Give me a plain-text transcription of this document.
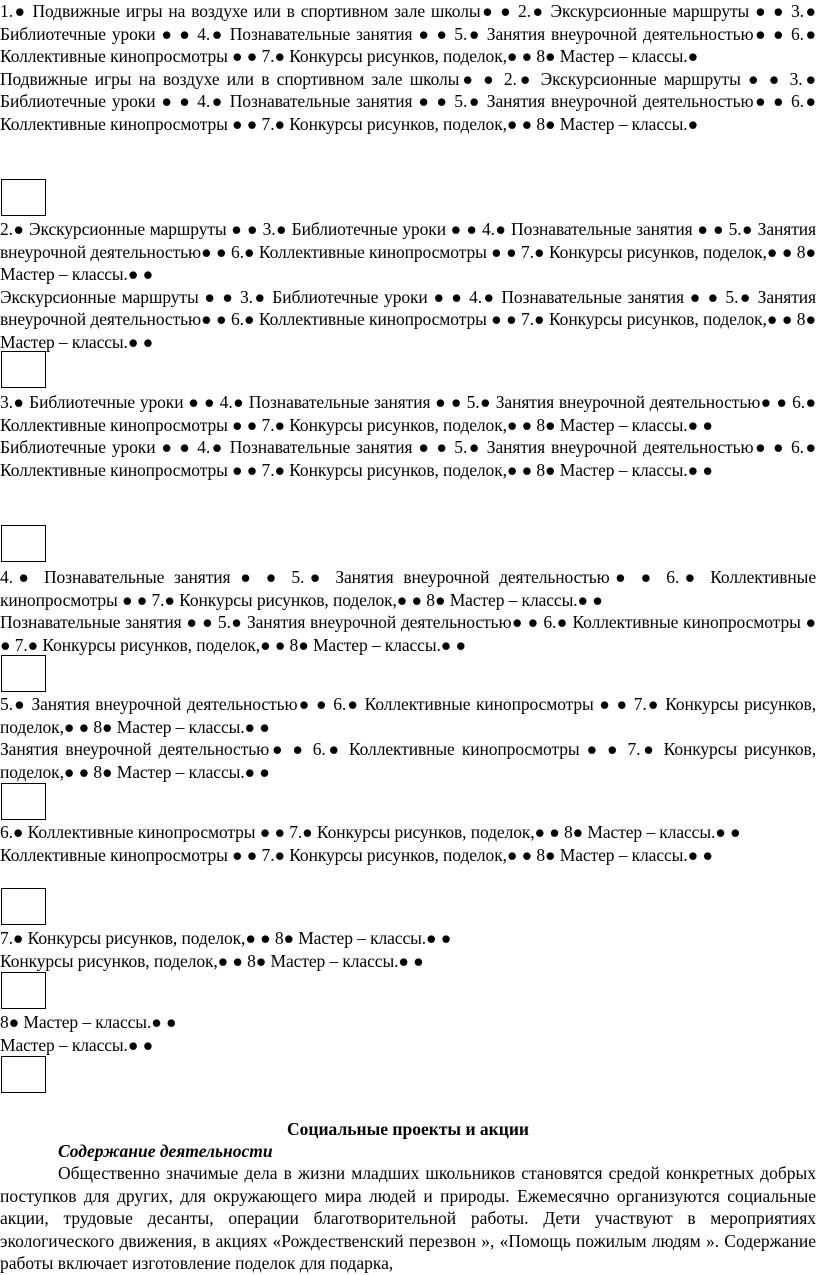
1.● Подвижные игры на воздухе или в спортивном зале школы● ● 2.● Экскурсионные маршруты ● ● 3.● Библиотечные уроки ● ● 4.● Познавательные занятия ● ● 5.● Занятия внеурочной деятельностью● ● 6.● Коллективные кинопросмотры ● ● 7.● Конкурсы рисунков, поделок,● ● 8● Мастер – классы.●

Подвижные игры на воздухе или в спортивном зале школы● ● 2.● Экскурсионные маршруты ● ● 3.● Библиотечные уроки ● ● 4.● Познавательные занятия ● ● 5.● Занятия внеурочной деятельностью● ● 6.● Коллективные кинопросмотры ● ● 7.● Конкурсы рисунков, поделок,● ● 8● Мастер – классы.●

2.● Экскурсионные маршруты ● ● 3.● Библиотечные уроки ● ● 4.● Познавательные занятия ● ● 5.● Занятия внеурочной деятельностью● ● 6.● Коллективные кинопросмотры ● ● 7.● Конкурсы рисунков, поделок,● ● 8● Мастер – классы.● ●

Экскурсионные маршруты ● ● 3.● Библиотечные уроки ● ● 4.● Познавательные занятия ● ● 5.● Занятия внеурочной деятельностью● ● 6.● Коллективные кинопросмотры ● ● 7.● Конкурсы рисунков, поделок,● ● 8● Мастер – классы.● ●

3.● Библиотечные уроки ● ● 4.● Познавательные занятия ● ● 5.● Занятия внеурочной деятельностью● ● 6.● Коллективные кинопросмотры ● ● 7.● Конкурсы рисунков, поделок,● ● 8● Мастер – классы.● ●

Библиотечные уроки ● ● 4.● Познавательные занятия ● ● 5.● Занятия внеурочной деятельностью● ● 6.● Коллективные кинопросмотры ● ● 7.● Конкурсы рисунков, поделок,● ● 8● Мастер – классы.● ●

4.● Познавательные занятия ● ● 5.● Занятия внеурочной деятельностью● ● 6.● Коллективные кинопросмотры ● ● 7.● Конкурсы рисунков, поделок,● ● 8● Мастер – классы.● ●

Познавательные занятия ● ● 5.● Занятия внеурочной деятельностью● ● 6.● Коллективные кинопросмотры ● ● 7.● Конкурсы рисунков, поделок,● ● 8● Мастер – классы.● ●

5.● Занятия внеурочной деятельностью● ● 6.● Коллективные кинопросмотры ● ● 7.● Конкурсы рисунков, поделок,● ● 8● Мастер – классы.● ●

Занятия внеурочной деятельностью● ● 6.● Коллективные кинопросмотры ● ● 7.● Конкурсы рисунков, поделок,● ● 8● Мастер – классы.● ●

6.● Коллективные кинопросмотры ● ● 7.● Конкурсы рисунков, поделок,● ● 8● Мастер – классы.● ●

Коллективные кинопросмотры ● ● 7.● Конкурсы рисунков, поделок,● ● 8● Мастер – классы.● ●

7.● Конкурсы рисунков, поделок,● ● 8● Мастер – классы.● ●

Конкурсы рисунков, поделок,● ● 8● Мастер – классы.● ●

8● Мастер – классы.● ●

Мастер – классы.● ●

Социальные проекты и акции
Содержание деятельности

Общественно значимые дела в жизни младших школьников становятся средой конкретных добрых поступков для других, для окружающего мира людей и природы. Ежемесячно организуются социальные акции, трудовые десанты, операции благотворительной работы. Дети участвуют в мероприятиях экологического движения, в акциях «Рождественский перезвон », «Помощь пожилым людям ». Содержание работы включает изготовление поделок для подарка,
